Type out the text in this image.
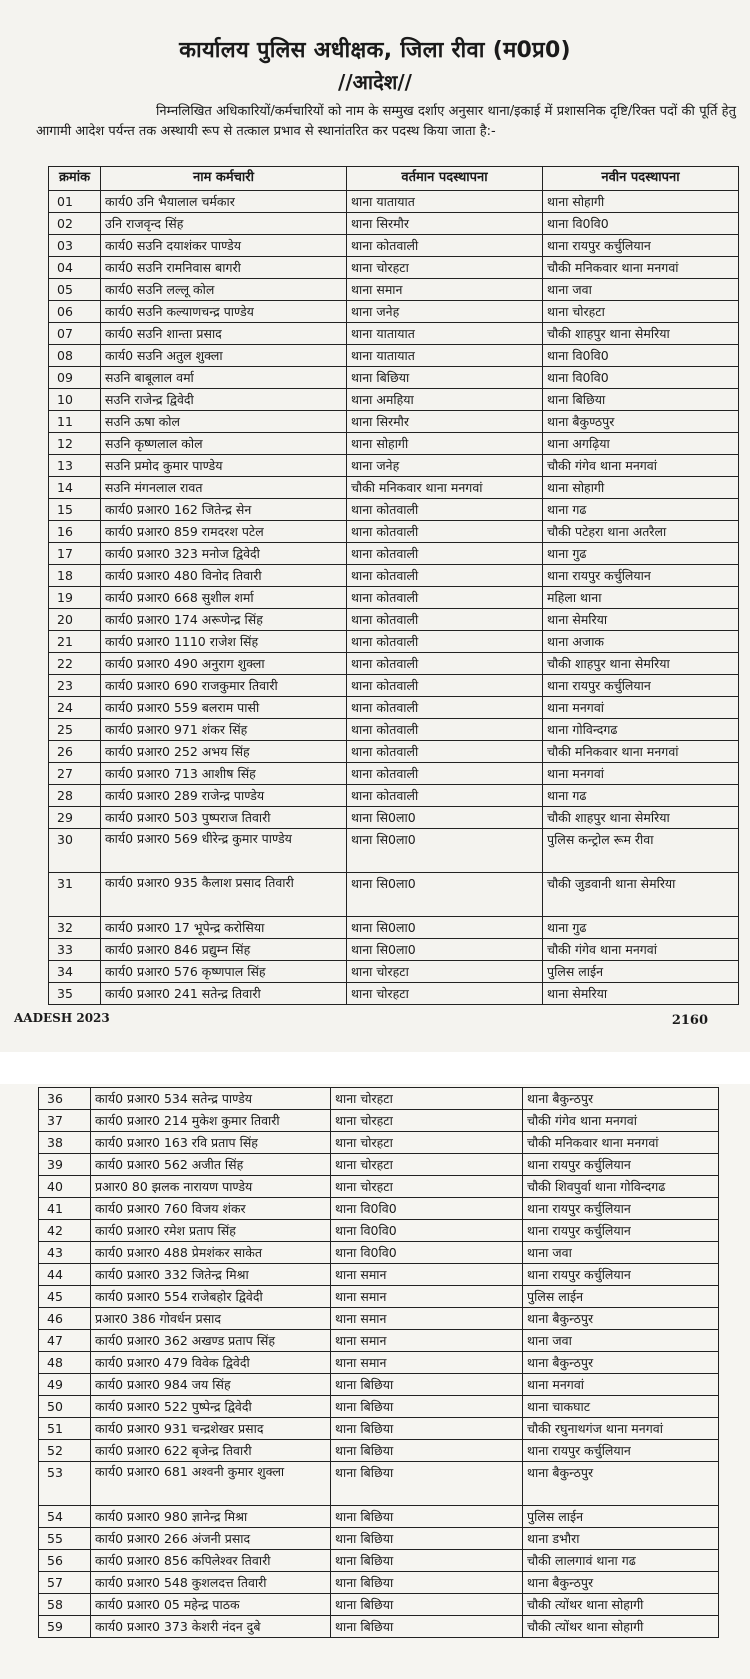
कार्यालय पुलिस अधीक्षक, जिला रीवा (म0प्र0)
//आदेश//
निम्नलिखित अधिकारियों/कर्मचारियों को नाम के सम्मुख दर्शाए अनुसार थाना/इकाई में प्रशासनिक दृष्टि/रिक्त पदों की पूर्ति हेतु आगामी आदेश पर्यन्त तक अस्थायी रूप से तत्काल प्रभाव से स्थानांतरित कर पदस्थ किया जाता है:-
क्रमांक	नाम कर्मचारी	वर्तमान पदस्थापना	नवीन पदस्थापना
01	कार्य0 उनि भैयालाल चर्मकार	थाना यातायात	थाना सोहागी
02	उनि राजवृन्द सिंह	थाना सिरमौर	थाना वि0वि0
03	कार्य0 सउनि दयाशंकर पाण्डेय	थाना कोतवाली	थाना रायपुर कर्चुलियान
04	कार्य0 सउनि रामनिवास बागरी	थाना चोरहटा	चौकी मनिकवार थाना मनगवां
05	कार्य0 सउनि लल्लू कोल	थाना समान	थाना जवा
06	कार्य0 सउनि कल्याणचन्द्र पाण्डेय	थाना जनेह	थाना चोरहटा
07	कार्य0 सउनि शान्ता प्रसाद	थाना यातायात	चौकी शाहपुर थाना सेमरिया
08	कार्य0 सउनि अतुल शुक्ला	थाना यातायात	थाना वि0वि0
09	सउनि बाबूलाल वर्मा	थाना बिछिया	थाना वि0वि0
10	सउनि राजेन्द्र द्विवेदी	थाना अमहिया	थाना बिछिया
11	सउनि ऊषा कोल	थाना सिरमौर	थाना बैकुण्ठपुर
12	सउनि कृष्णलाल कोल	थाना सोहागी	थाना अगढ़िया
13	सउनि प्रमोद कुमार पाण्डेय	थाना जनेह	चौकी गंगेव थाना मनगवां
14	सउनि मंगनलाल रावत	चौकी मनिकवार थाना मनगवां	थाना सोहागी
15	कार्य0 प्रआर0 162 जितेन्द्र सेन	थाना कोतवाली	थाना गढ
16	कार्य0 प्रआर0 859 रामदरश पटेल	थाना कोतवाली	चौकी पटेहरा थाना अतरैला
17	कार्य0 प्रआर0 323 मनोज द्विवेदी	थाना कोतवाली	थाना गुढ
18	कार्य0 प्रआर0 480 विनोद तिवारी	थाना कोतवाली	थाना रायपुर कर्चुलियान
19	कार्य0 प्रआर0 668 सुशील शर्मा	थाना कोतवाली	महिला थाना
20	कार्य0 प्रआर0 174 अरूणेन्द्र सिंह	थाना कोतवाली	थाना सेमरिया
21	कार्य0 प्रआर0 1110 राजेश सिंह	थाना कोतवाली	थाना अजाक
22	कार्य0 प्रआर0 490 अनुराग शुक्ला	थाना कोतवाली	चौकी शाहपुर थाना सेमरिया
23	कार्य0 प्रआर0 690 राजकुमार तिवारी	थाना कोतवाली	थाना रायपुर कर्चुलियान
24	कार्य0 प्रआर0 559 बलराम पासी	थाना कोतवाली	थाना मनगवां
25	कार्य0 प्रआर0 971 शंकर सिंह	थाना कोतवाली	थाना गोविन्दगढ
26	कार्य0 प्रआर0 252 अभय सिंह	थाना कोतवाली	चौकी मनिकवार थाना मनगवां
27	कार्य0 प्रआर0 713 आशीष सिंह	थाना कोतवाली	थाना मनगवां
28	कार्य0 प्रआर0 289 राजेन्द्र पाण्डेय	थाना कोतवाली	थाना गढ
29	कार्य0 प्रआर0 503 पुष्पराज तिवारी	थाना सि0ला0	चौकी शाहपुर थाना सेमरिया
30	कार्य0 प्रआर0 569 धीरेन्द्र कुमार पाण्डेय	थाना सि0ला0	पुलिस कन्ट्रोल रूम रीवा
31	कार्य0 प्रआर0 935 कैलाश प्रसाद तिवारी	थाना सि0ला0	चौकी जुडवानी थाना सेमरिया
32	कार्य0 प्रआर0 17 भूपेन्द्र करोसिया	थाना सि0ला0	थाना गुढ
33	कार्य0 प्रआर0 846 प्रद्युम्न सिंह	थाना सि0ला0	चौकी गंगेव थाना मनगवां
34	कार्य0 प्रआर0 576 कृष्णपाल सिंह	थाना चोरहटा	पुलिस लाईन
35	कार्य0 प्रआर0 241 सतेन्द्र तिवारी	थाना चोरहटा	थाना सेमरिया
AADESH 2023	2160
36	कार्य0 प्रआर0 534 सतेन्द्र पाण्डेय	थाना चोरहटा	थाना बैकुन्ठपुर
37	कार्य0 प्रआर0 214 मुकेश कुमार तिवारी	थाना चोरहटा	चौकी गंगेव थाना मनगवां
38	कार्य0 प्रआर0 163 रवि प्रताप सिंह	थाना चोरहटा	चौकी मनिकवार थाना मनगवां
39	कार्य0 प्रआर0 562 अजीत सिंह	थाना चोरहटा	थाना रायपुर कर्चुलियान
40	प्रआर0 80 झलक नारायण पाण्डेय	थाना चोरहटा	चौकी शिवपुर्वा थाना गोविन्दगढ
41	कार्य0 प्रआर0 760 विजय शंकर	थाना वि0वि0	थाना रायपुर कर्चुलियान
42	कार्य0 प्रआर0 रमेश प्रताप सिंह	थाना वि0वि0	थाना रायपुर कर्चुलियान
43	कार्य0 प्रआर0 488 प्रेमशंकर साकेत	थाना वि0वि0	थाना जवा
44	कार्य0 प्रआर0 332 जितेन्द्र मिश्रा	थाना समान	थाना रायपुर कर्चुलियान
45	कार्य0 प्रआर0 554 राजेबहोर द्विवेदी	थाना समान	पुलिस लाईन
46	प्रआर0 386 गोवर्धन प्रसाद	थाना समान	थाना बैकुन्ठपुर
47	कार्य0 प्रआर0 362 अखण्ड प्रताप सिंह	थाना समान	थाना जवा
48	कार्य0 प्रआर0 479 विवेक द्विवेदी	थाना समान	थाना बैकुन्ठपुर
49	कार्य0 प्रआर0 984 जय सिंह	थाना बिछिया	थाना मनगवां
50	कार्य0 प्रआर0 522 पुष्पेन्द्र द्विवेदी	थाना बिछिया	थाना चाकघाट
51	कार्य0 प्रआर0 931 चन्द्रशेखर प्रसाद	थाना बिछिया	चौकी रघुनाथगंज थाना मनगवां
52	कार्य0 प्रआर0 622 बृजेन्द्र तिवारी	थाना बिछिया	थाना रायपुर कर्चुलियान
53	कार्य0 प्रआर0 681 अश्वनी कुमार शुक्ला	थाना बिछिया	थाना बैकुन्ठपुर
54	कार्य0 प्रआर0 980 ज्ञानेन्द्र मिश्रा	थाना बिछिया	पुलिस लाईन
55	कार्य0 प्रआर0 266 अंजनी प्रसाद	थाना बिछिया	थाना डभौरा
56	कार्य0 प्रआर0 856 कपिलेश्वर तिवारी	थाना बिछिया	चौकी लालगावं थाना गढ
57	कार्य0 प्रआर0 548 कुशलदत्त तिवारी	थाना बिछिया	थाना बैकुन्ठपुर
58	कार्य0 प्रआर0 05 महेन्द्र पाठक	थाना बिछिया	चौकी त्योंथर थाना सोहागी
59	कार्य0 प्रआर0 373 केशरी नंदन दुबे	थाना बिछिया	चौकी त्योंथर थाना सोहागी
